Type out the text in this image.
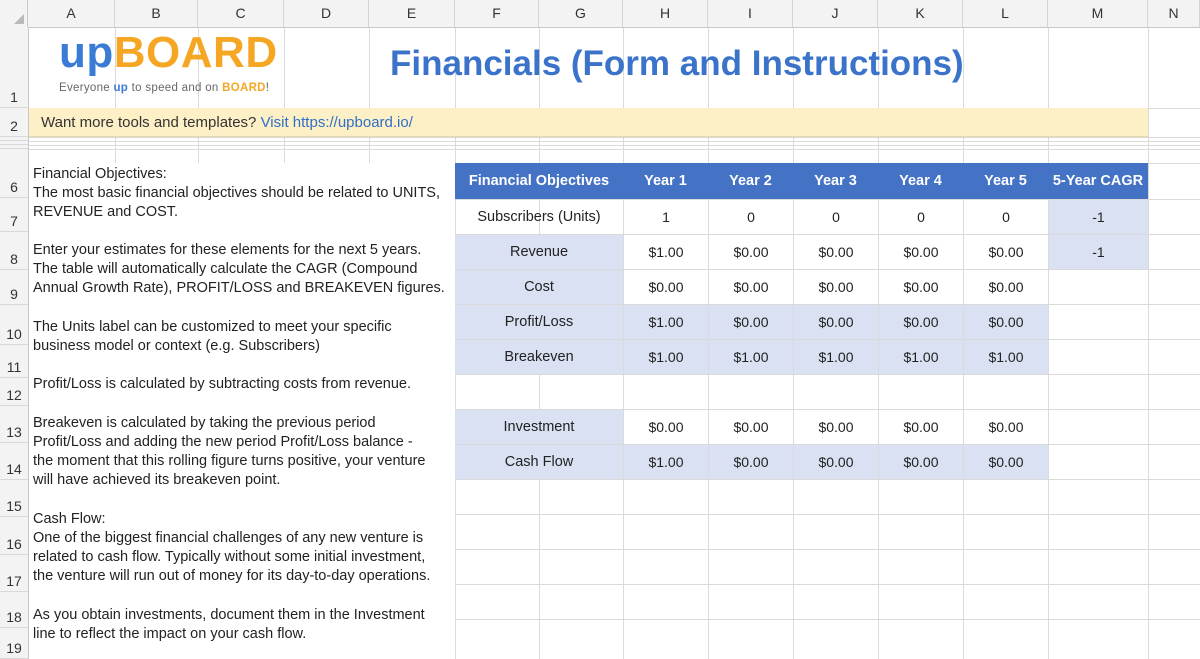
A	B	C	D	E	F	G	H	I	J	K	L	M	N
1
2
6
7
8
9
10
11
12
13
14
15
16
17
18
19
upBOARD
Everyone up to speed and on BOARD!
Financials (Form and Instructions)
Want more tools and templates? Visit https://upboard.io/
Financial Objectives:
The most basic financial objectives should be related to UNITS,
REVENUE and COST.
Enter your estimates for these elements for the next 5 years.
The table will automatically calculate the CAGR (Compound
Annual Growth Rate), PROFIT/LOSS and BREAKEVEN figures.
The Units label can be customized to meet your specific
business model or context (e.g. Subscribers)
Profit/Loss is calculated by subtracting costs from revenue.
Breakeven is calculated by taking the previous period
Profit/Loss and adding the new period Profit/Loss balance -
the moment that this rolling figure turns positive, your venture
will have achieved its breakeven point.
Cash Flow:
One of the biggest financial challenges of any new venture is
related to cash flow. Typically without some initial investment,
the venture will run out of money for its day-to-day operations.
As you obtain investments, document them in the Investment
line to reflect the impact on your cash flow.
Financial Objectives	Year 1	Year 2	Year 3	Year 4	Year 5	5-Year CAGR
Subscribers (Units)	1	0	0	0	0	-1
Revenue	$1.00	$0.00	$0.00	$0.00	$0.00	-1
Cost	$0.00	$0.00	$0.00	$0.00	$0.00
Profit/Loss	$1.00	$0.00	$0.00	$0.00	$0.00
Breakeven	$1.00	$1.00	$1.00	$1.00	$1.00
Investment	$0.00	$0.00	$0.00	$0.00	$0.00
Cash Flow	$1.00	$0.00	$0.00	$0.00	$0.00
